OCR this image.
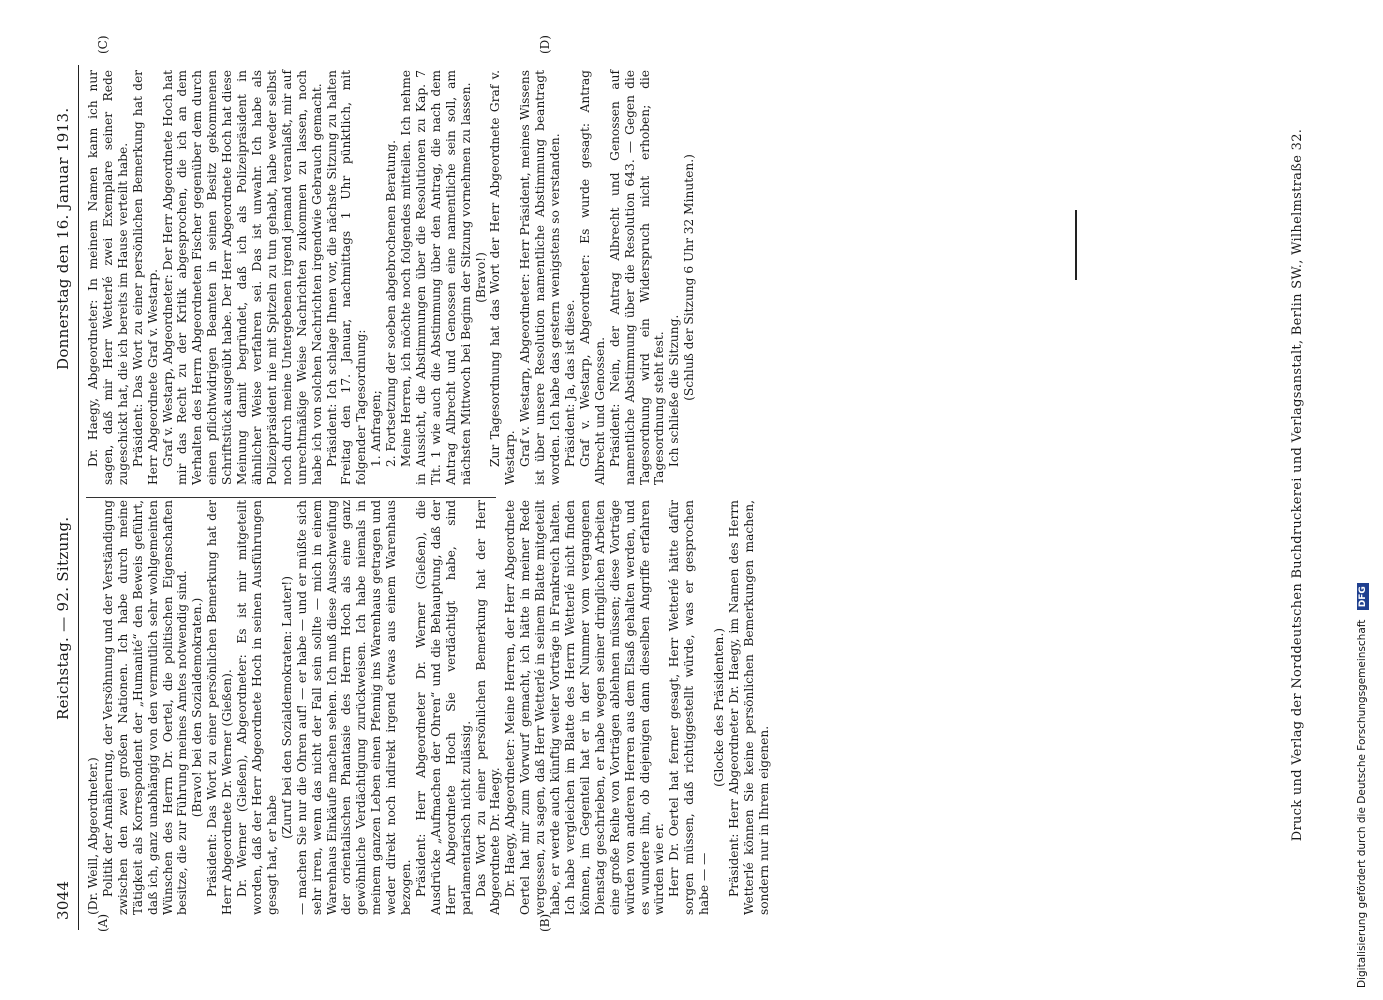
3044
Reichstag. — 92. Sitzung.
Donnerstag den 16. Januar 1913.
(A)	(B)
(C)	(D)

(Dr. Weill, Abgeordneter.) Politik der Annäherung, der Versöhnung und der Verständigung zwischen den zwei großen Nationen. Ich habe durch meine Tätigkeit als Korrespondent der „Humanité“ den Beweis geführt, daß ich, ganz unabhängig von den vermutlich sehr wohlgemeinten Wünschen des Herrn Dr. Oertel, die politischen Eigenschaften besitze, die zur Führung meines Amtes notwendig sind. (Bravo! bei den Sozialdemokraten.) Präsident: Das Wort zu einer persönlichen Bemerkung hat der Herr Abgeordnete Dr. Werner (Gießen). Dr. Werner (Gießen), Abgeordneter: Es ist mir mitgeteilt worden, daß der Herr Abgeordnete Hoch in seinen Ausführungen gesagt hat, er habe

(Zuruf bei den Sozialdemokraten: Lauter!) — machen Sie nur die Ohren auf! — er habe — und er müßte sich sehr irren, wenn das nicht der Fall sein sollte — mich in einem Warenhaus Einkäufe machen sehen. Ich muß diese Ausschweifung der orientalischen Phantasie des Herrn Hoch als eine ganz gewöhnliche Verdächtigung zurückweisen. Ich habe niemals in meinem ganzen Leben einen Pfennig ins Warenhaus getragen und weder direkt noch indirekt irgend etwas aus einem Warenhaus bezogen. Präsident: Herr Abgeordneter Dr. Werner (Gießen), die Ausdrücke „Aufmachen der Ohren“ und die Behauptung, daß der Herr Abgeordnete Hoch Sie verdächtigt habe, sind parlamentarisch nicht zulässig. Das Wort zu einer persönlichen Bemerkung hat der Herr Abgeordnete Dr. Haegy. Dr. Haegy, Abgeordneter: Meine Herren, der Herr Abgeordnete Oertel hat mir zum Vorwurf gemacht, ich hätte in meiner Rede vergessen, zu sagen, daß Herr Wetterlé in seinem Blatte mitgeteilt habe, er werde auch künftig weiter Vorträge in Frankreich halten. Ich habe vergleichen im Blatte des Herrn Wetterlé nicht finden können, im Gegenteil hat er in der Nummer vom vergangenen Dienstag geschrieben, er habe wegen seiner dringlichen Arbeiten eine große Reihe von Vorträgen ablehnen müssen; diese Vorträge würden von anderen Herren aus dem Elsaß gehalten werden, und es wundere ihn, ob diejenigen dann dieselben Angriffe erfahren würden wie er. Herr Dr. Oertel hat ferner gesagt, Herr Wetterlé hätte dafür sorgen müssen, daß richtiggestellt würde, was er gesprochen habe — —

(Glocke des Präsidenten.) Präsident: Herr Abgeordneter Dr. Haegy, im Namen des Herrn Wetterlé können Sie keine persönlichen Bemerkungen machen, sondern nur in Ihrem eigenen.

Dr. Haegy, Abgeordneter: In meinem Namen kann ich nur sagen, daß mir Herr Wetterlé zwei Exemplare seiner Rede zugeschickt hat, die ich bereits im Hause verteilt habe. Präsident: Das Wort zu einer persönlichen Bemerkung hat der Herr Abgeordnete Graf v. Westarp. Graf v. Westarp, Abgeordneter: Der Herr Abgeordnete Hoch hat mir das Recht zu der Kritik abgesprochen, die ich an dem Verhalten des Herrn Abgeordneten Fischer gegenüber dem durch einen pflichtwidrigen Beamten in seinen Besitz gekommenen Schriftstück ausgeübt habe. Der Herr Abgeordnete Hoch hat diese Meinung damit begründet, daß ich als Polizeipräsident in ähnlicher Weise verfahren sei. Das ist unwahr. Ich habe als Polizeipräsident nie mit Spitzeln zu tun gehabt, habe weder selbst noch durch meine Untergebenen irgend jemand veranlaßt, mir auf unrechtmäßige Weise Nachrichten zukommen zu lassen, noch habe ich von solchen Nachrichten irgendwie Gebrauch gemacht. Präsident: Ich schlage Ihnen vor, die nächste Sitzung zu halten Freitag den 17. Januar, nachmittags 1 Uhr pünktlich, mit folgender Tagesordnung: 1. Anfragen; 2. Fortsetzung der soeben abgebrochenen Beratung. Meine Herren, ich möchte noch folgendes mitteilen. Ich nehme in Aussicht, die Abstimmungen über die Resolutionen zu Kap. 7 Tit. 1 wie auch die Abstimmung über den Antrag, die nach dem Antrag Albrecht und Genossen eine namentliche sein soll, am nächsten Mittwoch bei Beginn der Sitzung vornehmen zu lassen. (Bravo!) Zur Tagesordnung hat das Wort der Herr Abgeordnete Graf v. Westarp. Graf v. Westarp, Abgeordneter: Herr Präsident, meines Wissens ist über unsere Resolution namentliche Abstimmung beantragt worden. Ich habe das gestern wenigstens so verstanden. Präsident: Ja, das ist diese. Graf v. Westarp, Abgeordneter: Es wurde gesagt: Antrag Albrecht und Genossen. Präsident: Nein, der Antrag Albrecht und Genossen auf namentliche Abstimmung über die Resolution 643. — Gegen die Tagesordnung wird ein Widerspruch nicht erhoben; die Tagesordnung steht fest. Ich schließe die Sitzung. (Schluß der Sitzung 6 Uhr 32 Minuten.)	Druck und Verlag der Norddeutschen Buchdruckerei und Verlagsanstalt, Berlin SW., Wilhelmstraße 32.	Digitalisierung gefördert durch die Deutsche Forschungsgemeinschaft DFG
